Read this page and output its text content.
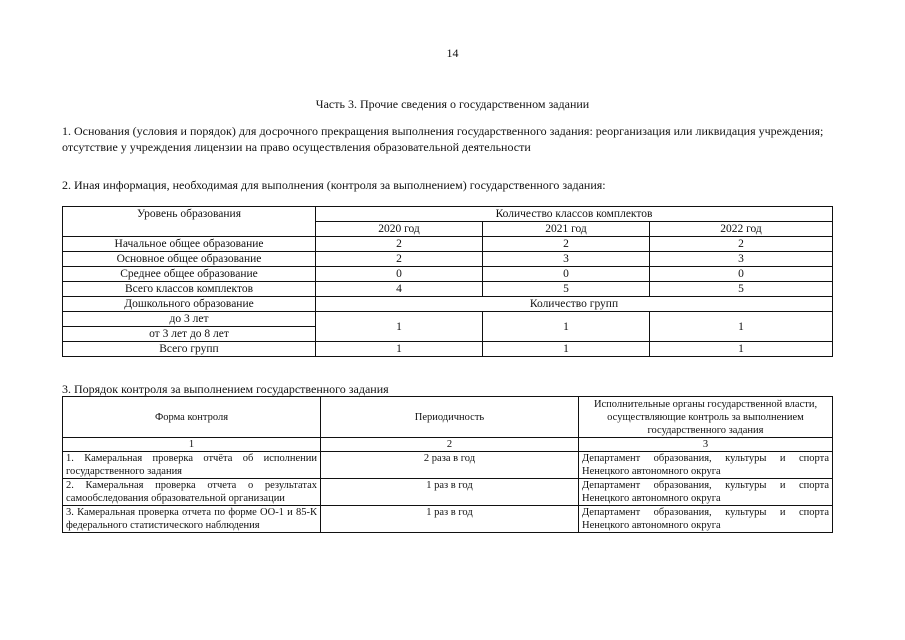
14
Часть 3. Прочие сведения о государственном задании
1. Основания (условия и порядок) для досрочного прекращения выполнения государственного задания: реорганизация или ликвидация учреждения; отсутствие у учреждения лицензии на право осуществления образовательной деятельности
2. Иная информация, необходимая для выполнения (контроля за выполнением) государственного задания:
Уровень образования	Количество классов комплектов		
	2020 год	2021 год	2022 год
Начальное общее образование	2	2	2
Основное общее образование	2	3	3
Среднее общее образование	0	0	0
Всего классов комплектов	4	5	5
Дошкольного образование	Количество групп		
до 3 лет	1	1	1
от 3 лет до 8 лет			
Всего групп	1	1	1
3. Порядок контроля за выполнением государственного задания
Форма контроля	Периодичность	Исполнительные органы государственной власти, осуществляющие контроль за выполнением государственного задания
1	2	3
1. Камеральная проверка отчёта об исполнении государственного задания	2 раза в год	Департамент образования, культуры и спорта Ненецкого автономного округа
2. Камеральная проверка отчета о результатах самообследования образовательной организации	1 раз в год	Департамент образования, культуры и спорта Ненецкого автономного округа
3. Камеральная проверка отчета по форме ОО-1 и 85-К федерального статистического наблюдения	1 раз в год	Департамент образования, культуры и спорта Ненецкого автономного округа
